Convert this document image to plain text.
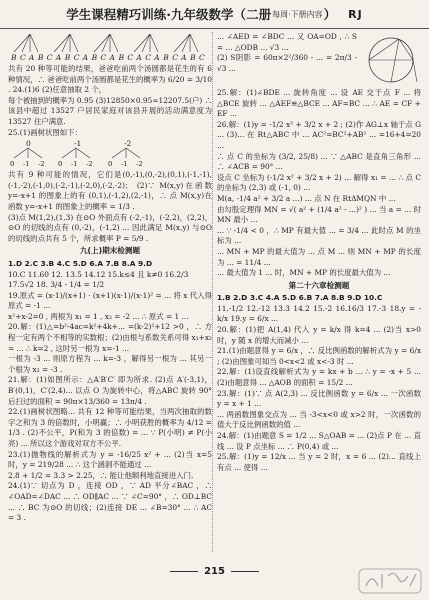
学生课程精巧训练 · 九年级数学 （ 二册 每周·下册内容 ） RJ
B C A B C A B C A B C A B C A C A B C A B C

共有 20 种等可能的结果，爸爸吃前两个汤圆都是花生的有 6 种情况，∴ 爸爸吃前两个汤圆都是花生的概率为 6/20 = 3/10 . 24.(1)6 (2)任意抽取 2 个，

每个被抽到的概率为 0.95 (3)12850×0.95≈12207.5(户) ∴ 该县中超过 13527 户居民家庭对该县开展的活动满意度为 13527 住户满意.

25.(1)画树状图如下：

0	-1	-2
0 -1 -2 0 -1 -2 0 -1 -2

共有 9 种可能的情况，它们是(0,-1),(0,-2),(0,1),(-1,-1),(-1,-2),(-1,0),(-2,-1),(-2,0),(-2,-2)； (2)∵ M(x,y)在函数 y=-x+1 的图象上的有 (0,1),(-1,2),(2,-1)，∴ 点 M(x,y)在函数 y=-x+1 的图象上的概率 = 1/3 .

(3)点 M(1,2),(1,3) 在⊙O 外面点有 (-2,-1)，(-2,2)，(2,2)，⊙O 的切线的点有 (0,-2)，(-1,2) ... 因此满足 M(x,y) 与⊙O 的切线的点共有 5 个，所求概率 P = 5/9 .

九(上)期末检测题

1.D 2.C 3.B 4.C 5.D 6.A 7.B 8.A 9.D

10.C 11.60 12. 13.5 14.12 15.k≤4 且 k≠0 16.2/3

17.5√2 18. 3/4 - 1/4 = 1/2

19.原式 = (x-1)/(x+1) · (x+1)(x-1)/(x-1)² = ... 将 x 代入得原式 = -1 ...

x²+x-2=0 , 两根为 x₁ = 1 , x₂ = -2 ... ∴ 原式 = 1 ...

20.解：(1)△=b²-4ac=k²+4k+... =(k-2)²+12 >0 ，∴ 方程一定有两个不相等的实数根；(2)由根与系数关系可得 x₁+x₂ = ... ∴ k=2 , 这时另一根为 x=-1 ...

一根为 -3 ... 则原方程为 ... k=-3 ，解得另一根为 ... 其另一个根为 x₂ = -3 .

21.解：(1)如图所示：△A′B′C′ 即为所求. (2)点 A′(-3,1)，B′(0,1)，C′(2,4)... 以点 O 为旋转中心，将△ABC 旋转 90° 后扫过的面积 = 90π×13/360 = 13π/4 .

22.(1)画树状图略... 共有 12 种等可能结果，当两次抽取的数字之和为 3 的倍数时，小明赢；∴ 小明获胜的概率为 4/12 = 1/3 . (2)不公平，P(和为 3 的倍数) = ... ∵ P(小明) ≠ P(小亮) ... 所以这个游戏对双方不公平.

23.(1)抛物线的解析式为 y = -16/25 x² + ... (2)当 x=5 时，y = 219/28 ... ∴ 这个涵洞不能通过 ...

2.8 + 1/2 = 3.3 > 2.25，∴ 能让他顺利地直接进入门.

24.(1)∵ 切点为 D ，连接 OD ，∵ AD 平分∠BAC ，∴ ∠OAD=∠DAC ... ∴ OD∥AC ... ∵ ∠C=90° ，∴ OD⊥BC ... ∴ BC 为⊙O 的切线；(2)连接 DE ... ∠B=30° ... ∴ AC = 3 .

... ∠AED = ∠BDC ... 又 OA=OD , ∴ S = ... △ODB ... √3 ...

(2) S阴影 = 60π×2²/360 - ... = 2π/3 - √3 ...

25.解：(1)∠BDE ... 旋转角度 ... 设 AE 交于点 F ... 将△BCE 旋转 ... △AEF≌△BCE ... AF=BC ... ∴ AE = CF + EF ...

26.解：(1)y = -1/2 x² + 3/2 x + 2 ; (2)作 AG⊥x 轴于点 G ... (3)... 在 Rt△ABC 中 ... AC²=BC²+AB² ... =16+4=20 ...

∴ 点 C 的坐标为 (3/2, 25/8) ... ∵ △ABC 是直角三角形 ... ∴ ∠ACB = 90° ...

设点 C 坐标为 (-1/2 x² + 3/2 x + 2) ... 解得 x₁ = ... ∴ 点 C 的坐标为 (2,3) 或 (-1, 0) ...

M(a, -1/4 a² + 3/2 a ...) ... 点 N 在 RtΔMQN 中 ...

由勾股定理得 MN = √( a² + (1/4 a² - ...)² ) ... 当 a = ... 时 MN 最小 ...

... ∵ -1/4 < 0 ，∴ MP 有最大值 ... = 3/4 ... 此时点 M 的坐标为 ...

... MN + MP 的最大值为 ... 点 M ... 则 MN + MP 的长度为 ... = 11/4 ...

... 最大值为 1 ... 时，MN + MP 的长度最大值为 ...

第二十六章检测题

1.B 2.D 3.C 4.A 5.D 6.B 7.A 8.B 9.D 10.C

11.-1/2 12.-12 13.3 14.2 15.-2 16.16/3 17.-3 18.y = -k/x 19.y = 6/x ...

20.解：(1)把 A(1,4) 代入 y = k/x 得 k=4 ... (2)当 x>0 时，y 随 x 的增大而减小 ...

21.(1)由题意得 y = 6/x ，∴ 反比例函数的解析式为 y = 6/x ; (2)由图象可知当 0<x<2 或 x<-3 时 ...

22.解：(1)设直线解析式为 y = kx + b ... ∴ y = -x + 5 ... (2)由题意得 ... △AOB 的面积 = 15/2 ...

23.解：(1)∵ 点 A(2,3) ... 反比例函数 y = 6/x ... 一次函数 y = x + 1 ...

... 两函数图象交点为 ... 当 -3<x<0 或 x>2 时，一次函数的值大于反比例函数的值 ...

24.解：(1)由题意 S = 1/2 ... S△OAB = ... (2)点 P 在 ... 直线 ... 设 P 点坐标 ... ∴ P(0,4) 或 ...

25.解：(1)y = 12/x ... 当 y = 2 时，x = 6 ... (2)... 直线上有点 ... 使得 ...

215
